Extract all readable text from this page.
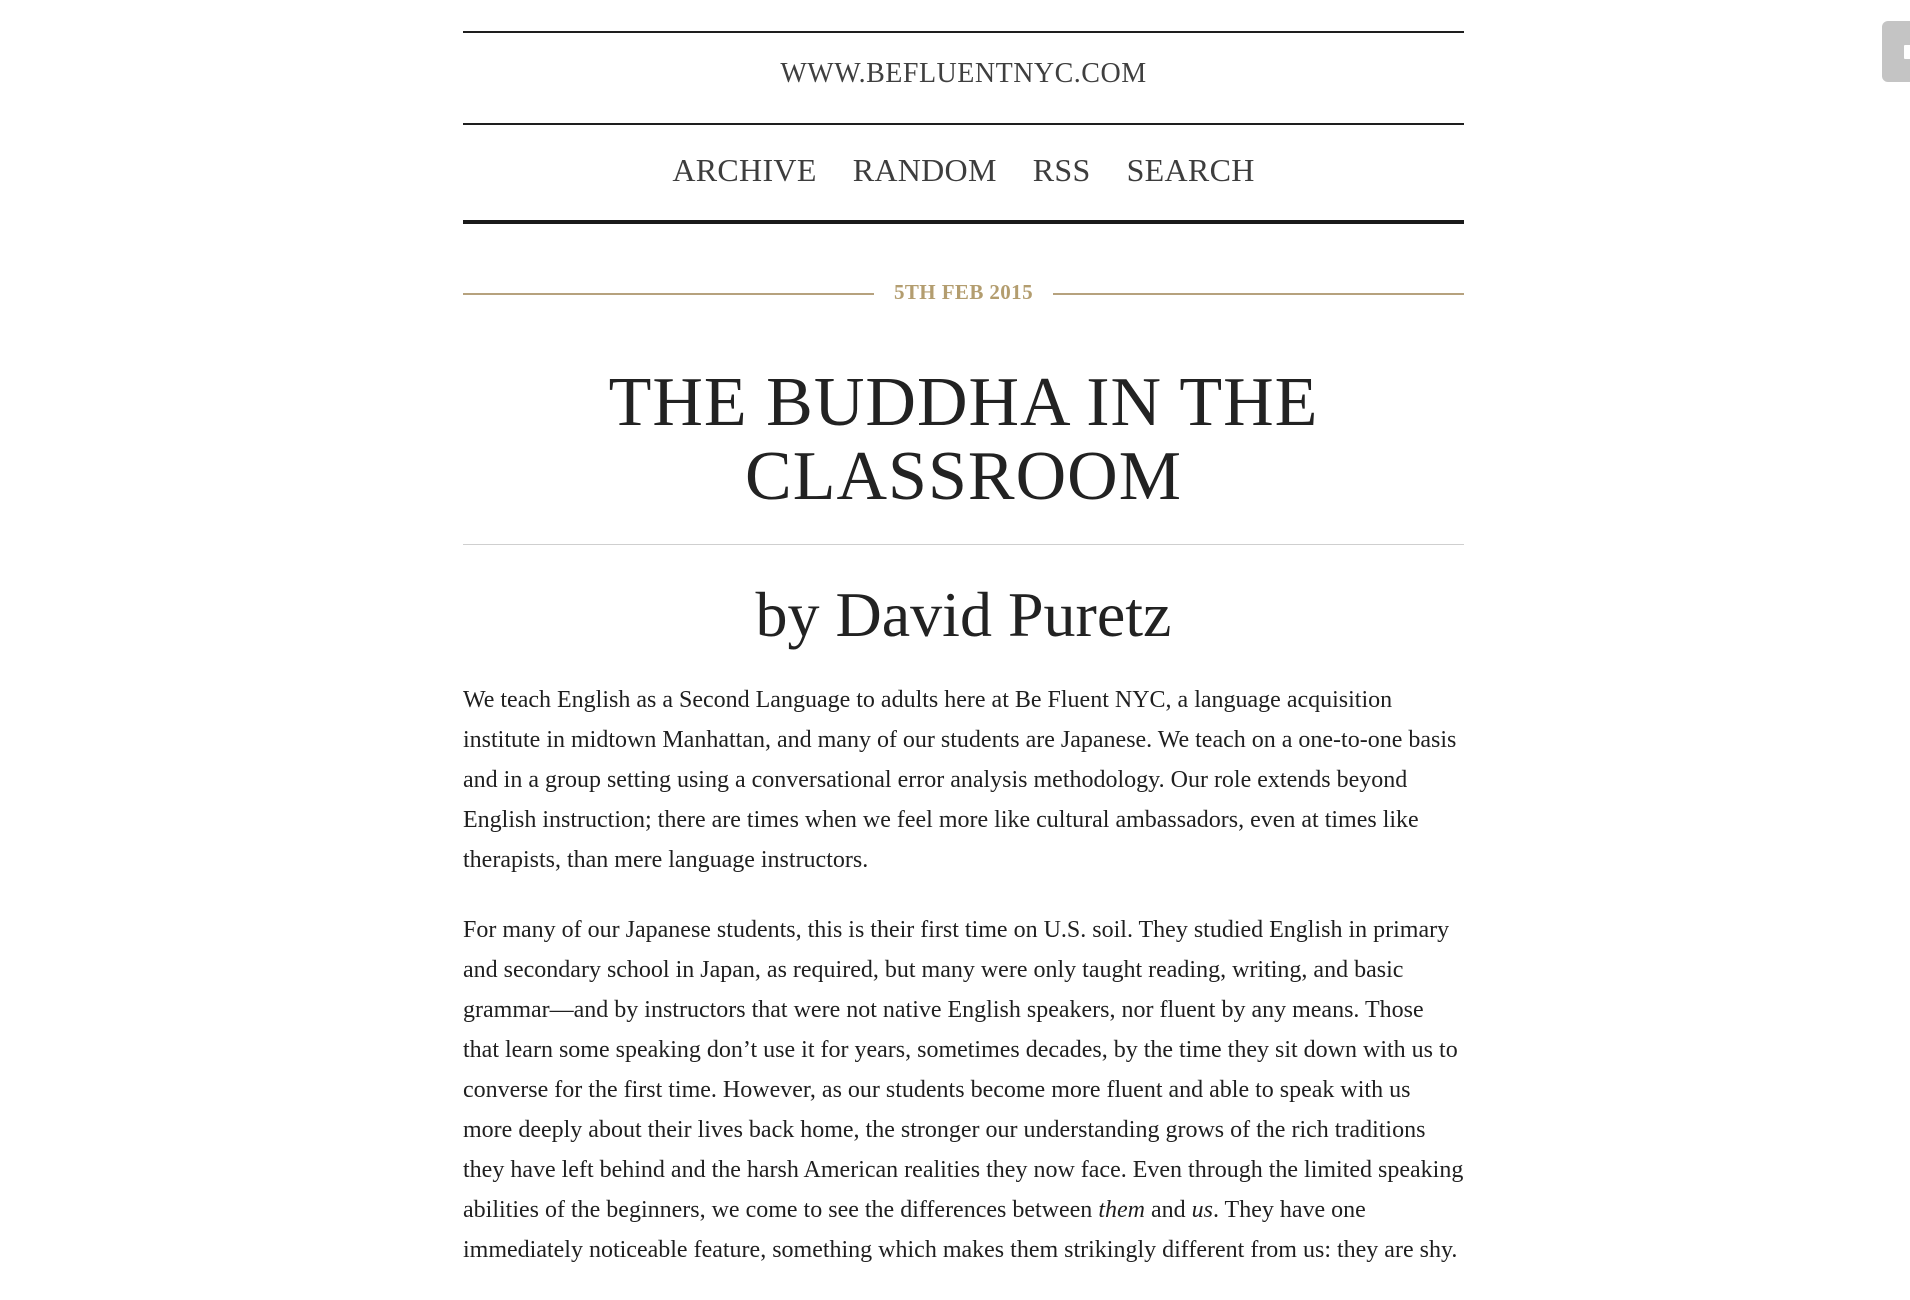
WWW.BEFLUENTNYC.COM
ARCHIVE RANDOM RSS SEARCH
5TH FEB 2015
THE BUDDHA IN THE
CLASSROOM
by David Puretz

We teach English as a Second Language to adults here at Be Fluent NYC, a language acquisition institute in midtown Manhattan, and many of our students are Japanese. We teach on a one-to-one basis and in a group setting using a conversational error analysis methodology. Our role extends beyond English instruction; there are times when we feel more like cultural ambassadors, even at times like therapists, than mere language instructors.

For many of our Japanese students, this is their first time on U.S. soil. They studied English in primary and secondary school in Japan, as required, but many were only taught reading, writing, and basic grammar—and by instructors that were not native English speakers, nor fluent by any means. Those that learn some speaking don’t use it for years, sometimes decades, by the time they sit down with us to converse for the first time. However, as our students become more fluent and able to speak with us more deeply about their lives back home, the stronger our understanding grows of the rich traditions they have left behind and the harsh American realities they now face. Even through the limited speaking abilities of the beginners, we come to see the differences between them and us. They have one immediately noticeable feature, something which makes them strikingly different from us: they are shy.
